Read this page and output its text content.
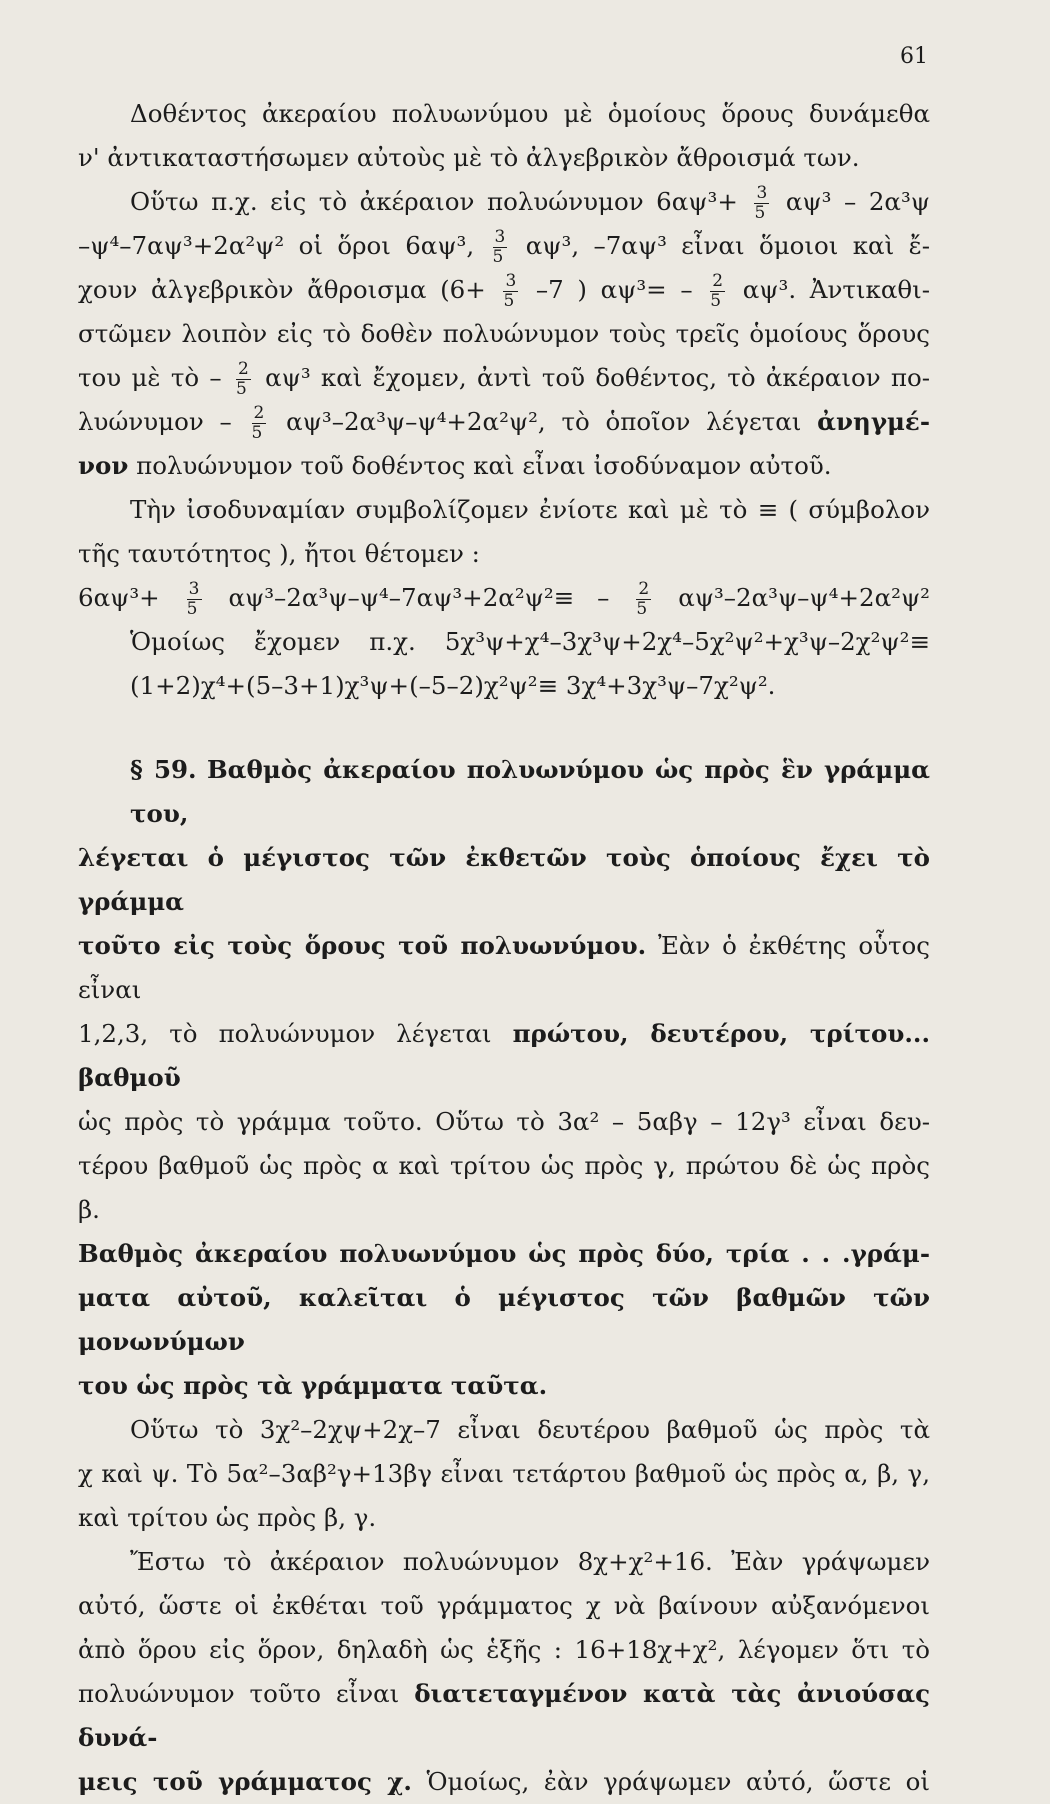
61
Δοθέντος ἀκεραίου πολυωνύμου μὲ ὁμοίους ὅρους δυνάμεθα
ν' ἀντικαταστήσωμεν αὐτοὺς μὲ τὸ ἀλγεβρικὸν ἄθροισμά των.
Οὕτω π.χ. εἰς τὸ ἀκέραιον πολυώνυμον $6\alpha\psi^3+ \frac{3}{5} \alpha\psi^3 - 2\alpha^3\psi$
–ψ⁴–7αψ³+2α²ψ² οἱ ὅροι 6αψ³, $\frac{3}{5} \alpha\psi^3$, –7αψ³ εἶναι ὅμοιοι καὶ ἔ-
χουν ἀλγεβρικὸν ἄθροισμα ($6+ \frac{3}{5} -7$ ) $\alpha\psi^3= - \frac{2}{5} \alpha\psi^3$. Ἀντικαθι-
στῶμεν λοιπὸν εἰς τὸ δοθὲν πολυώνυμον τοὺς τρεῖς ὁμοίους ὅρους
του μὲ τὸ – $\frac{2}{5} \alpha\psi^3$ καὶ ἔχομεν, ἀντὶ τοῦ δοθέντος, τὸ ἀκέραιον πο-
$\lambda\upsilon ώ\nu\upsilon\mu o\nu - \frac{2}{5} \alpha\psi^3-2\alpha^3\psi-\psi^4+2\alpha^2\psi^2$, τὸ ὁποῖον λέγεται ἀνηγμέ-
νον πολυώνυμον τοῦ δοθέντος καὶ εἶναι ἰσοδύναμον αὐτοῦ.
Τὴν ἰσοδυναμίαν συμβολίζομεν ἐνίοτε καὶ μὲ τὸ ≡ ( σύμβολον
τῆς ταυτότητος ), ἤτοι θέτομεν :
$6\alpha\psi^3+ \frac{3}{5} \alpha\psi^3-2\alpha^3\psi-\psi^4-7\alpha\psi^3+2\alpha^2\psi^2\equiv - \frac{2}{5} \alpha\psi^3-2\alpha^3\psi-\psi^4+2\alpha^2\psi^2$
Ὁμοίως ἔχομεν π.χ. 5χ³ψ+χ⁴–3χ³ψ+2χ⁴–5χ²ψ²+χ³ψ–2χ²ψ²≡
(1+2)χ⁴+(5–3+1)χ³ψ+(–5–2)χ²ψ²≡ 3χ⁴+3χ³ψ–7χ²ψ².
§ 59. Βαθμὸς ἀκεραίου πολυωνύμου ὡς πρὸς ἓν γράμμα του,
λέγεται ὁ μέγιστος τῶν ἐκθετῶν τοὺς ὁποίους ἔχει τὸ γράμμα
τοῦτο εἰς τοὺς ὅρους τοῦ πολυωνύμου. Ἐὰν ὁ ἐκθέτης οὗτος εἶναι
1,2,3, τὸ πολυώνυμον λέγεται πρώτου, δευτέρου, τρίτου... βαθμοῦ
ὡς πρὸς τὸ γράμμα τοῦτο. Οὕτω τὸ 3α² – 5αβγ – 12γ³ εἶναι δευ-
τέρου βαθμοῦ ὡς πρὸς α καὶ τρίτου ὡς πρὸς γ, πρώτου δὲ ὡς πρὸς β.
Βαθμὸς ἀκεραίου πολυωνύμου ὡς πρὸς δύο, τρία . . .γράμ-
ματα αὐτοῦ, καλεῖται ὁ μέγιστος τῶν βαθμῶν τῶν μονωνύμων
του ὡς πρὸς τὰ γράμματα ταῦτα.
Οὕτω τὸ 3χ²–2χψ+2χ–7 εἶναι δευτέρου βαθμοῦ ὡς πρὸς τὰ
χ καὶ ψ. Τὸ 5α²–3αβ²γ+13βγ εἶναι τετάρτου βαθμοῦ ὡς πρὸς α, β, γ,
καὶ τρίτου ὡς πρὸς β, γ.
Ἔστω τὸ ἀκέραιον πολυώνυμον 8χ+χ²+16. Ἐὰν γράψωμεν
αὐτό, ὥστε οἱ ἐκθέται τοῦ γράμματος χ νὰ βαίνουν αὐξανόμενοι
ἀπὸ ὅρου εἰς ὅρον, δηλαδὴ ὡς ἑξῆς : 16+18χ+χ², λέγομεν ὅτι τὸ
πολυώνυμον τοῦτο εἶναι διατεταγμένον κατὰ τὰς ἀνιούσας δυνά-
μεις τοῦ γράμματος χ. Ὁμοίως, ἐὰν γράψωμεν αὐτό, ὥστε οἱ
